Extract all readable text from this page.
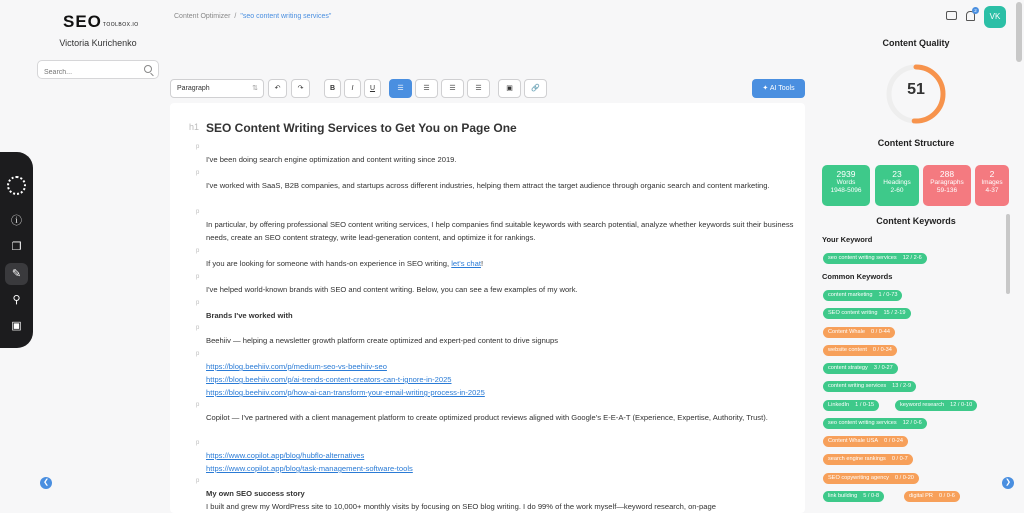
ⓘ
❐
✎
⚲
▣
SEOTOOLBOX.IO
Victoria Kurichenko
Search...
Content Optimizer / "seo content writing services"
Paragraph	⇅	↶	↷	B	I	U	☰	☰	☰	☰	▣	🔗	✦ AI Tools
h1 SEO Content Writing Services to Get You on Page One
p
I've been doing search engine optimization and content writing since 2019.
p
I've worked with SaaS, B2B companies, and startups across different industries, helping them attract the target audience through organic search and content marketing.
p
In particular, by offering professional SEO content writing services, I help companies find suitable keywords with search potential, analyze whether keywords suit their business needs, create an SEO content strategy, write lead-generation content, and optimize it for rankings.
p
If you are looking for someone with hands-on experience in SEO writing, let's chat!
p
I've helped world-known brands with SEO and content writing. Below, you can see a few examples of my work.
p
Brands I've worked with
p
Beehiiv — helping a newsletter growth platform create optimized and expert-ped content to drive signups
p
https://blog.beehiiv.com/p/medium-seo-vs-beehiiv-seo
https://blog.beehiiv.com/p/ai-trends-content-creators-can-t-ignore-in-2025
https://blog.beehiiv.com/p/how-ai-can-transform-your-email-writing-process-in-2025
p
Copilot — I've partnered with a client management platform to create optimized product reviews aligned with Google's E-E-A-T (Experience, Expertise, Authority, Trust).
p
https://www.copilot.app/blog/hubflo-alternatives
https://www.copilot.app/blog/task-management-software-tools
p
My own SEO success story
I built and grew my WordPress site to 10,000+ monthly visits by focusing on SEO blog writing. I do 99% of the work myself—keyword research, on-page
2
VK
Content Quality
51
Content Structure
2939
Words
1948-5096
23
Headings
2-60
288
Paragraphs
59-136
2
Images
4-37
Content Keywords
Your Keyword
seo content writing services 12 / 2-6
Common Keywords
content marketing 1 / 0-73
SEO content writing 15 / 2-19
Content Whale 0 / 0-44
website content 0 / 0-34
content strategy 3 / 0-27
content writing services 13 / 2-9
LinkedIn 1 / 0-15	keyword research 12 / 0-10
seo content writing services 12 / 0-6
Content Whale USA 0 / 0-24
search engine rankings 0 / 0-7
SEO copywriting agency 0 / 0-20
link building 5 / 0-8	digital PR 0 / 0-6
❮	❯
